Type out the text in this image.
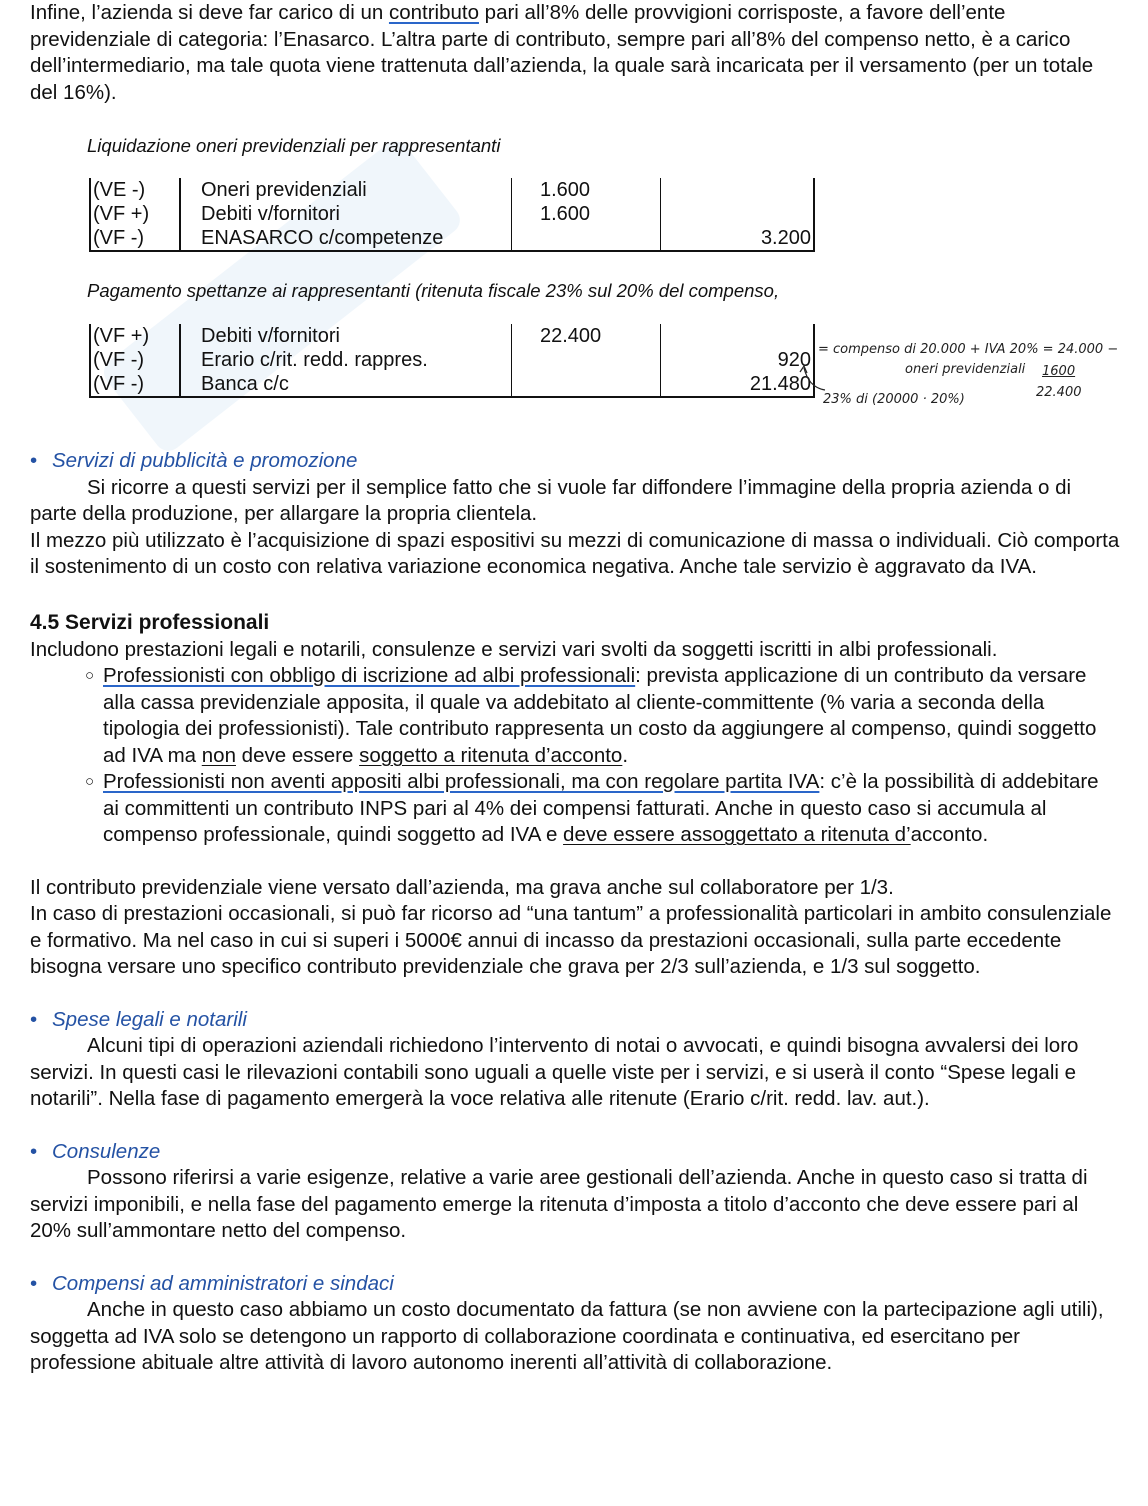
Infine, l’azienda si deve far carico di un contributo pari all’8% delle provvigioni corrisposte, a favore dell’ente previdenziale di categoria: l’Enasarco. L’altra parte di contributo, sempre pari all’8% del compenso netto, è a carico dell’intermediario, ma tale quota viene trattenuta dall’azienda, la quale sarà incaricata per il versamento (per un totale del 16%).

Liquidazione oneri previdenziali per rappresentanti

(VE -)	Oneri previdenziali	1.600	
(VF +)	Debiti v/fornitori	1.600	
(VF -)	ENASARCO c/competenze		3.200

Pagamento spettanze ai rappresentanti (ritenuta fiscale 23% sul 20% del compenso,

(VF +)	Debiti v/fornitori	22.400	
(VF -)	Erario c/rit. redd. rappres.		920
(VF -)	Banca c/c		21.480

• Servizi di pubblicità e promozione

Si ricorre a questi servizi per il semplice fatto che si vuole far diffondere l’immagine della propria azienda o di parte della produzione, per allargare la propria clientela.

Il mezzo più utilizzato è l’acquisizione di spazi espositivi su mezzi di comunicazione di massa o individuali. Ciò comporta il sostenimento di un costo con relativa variazione economica negativa. Anche tale servizio è aggravato da IVA.

4.5 Servizi professionali

Includono prestazioni legali e notarili, consulenze e servizi vari svolti da soggetti iscritti in albi professionali.

○ Professionisti con obbligo di iscrizione ad albi professionali: prevista applicazione di un contributo da versare alla cassa previdenziale apposita, il quale va addebitato al cliente-committente (% varia a seconda della tipologia dei professionisti). Tale contributo rappresenta un costo da aggiungere al compenso, quindi soggetto ad IVA ma non deve essere soggetto a ritenuta d’acconto.

○ Professionisti non aventi appositi albi professionali, ma con regolare partita IVA: c’è la possibilità di addebitare ai committenti un contributo INPS pari al 4% dei compensi fatturati. Anche in questo caso si accumula al compenso professionale, quindi soggetto ad IVA e deve essere assoggettato a ritenuta d’acconto.

Il contributo previdenziale viene versato dall’azienda, ma grava anche sul collaboratore per 1/3.

In caso di prestazioni occasionali, si può far ricorso ad “una tantum” a professionalità particolari in ambito consulenziale e formativo. Ma nel caso in cui si superi i 5000€ annui di incasso da prestazioni occasionali, sulla parte eccedente bisogna versare uno specifico contributo previdenziale che grava per 2/3 sull’azienda, e 1/3 sul soggetto.

• Spese legali e notarili

Alcuni tipi di operazioni aziendali richiedono l’intervento di notai o avvocati, e quindi bisogna avvalersi dei loro servizi. In questi casi le rilevazioni contabili sono uguali a quelle viste per i servizi, e si userà il conto “Spese legali e notarili”. Nella fase di pagamento emergerà la voce relativa alle ritenute (Erario c/rit. redd. lav. aut.).

• Consulenze

Possono riferirsi a varie esigenze, relative a varie aree gestionali dell’azienda. Anche in questo caso si tratta di servizi imponibili, e nella fase del pagamento emerge la ritenuta d’imposta a titolo d’acconto che deve essere pari al 20% sull’ammontare netto del compenso.

• Compensi ad amministratori e sindaci

Anche in questo caso abbiamo un costo documentato da fattura (se non avviene con la partecipazione agli utili), soggetta ad IVA solo se detengono un rapporto di collaborazione coordinata e continuativa, ed esercitano per professione abituale altre attività di lavoro autonomo inerenti all’attività di collaborazione.

= compenso di 20.000 + IVA 20% = 24.000 −
oneri previdenziali 1600
22.400
23% di (20000 · 20%)
